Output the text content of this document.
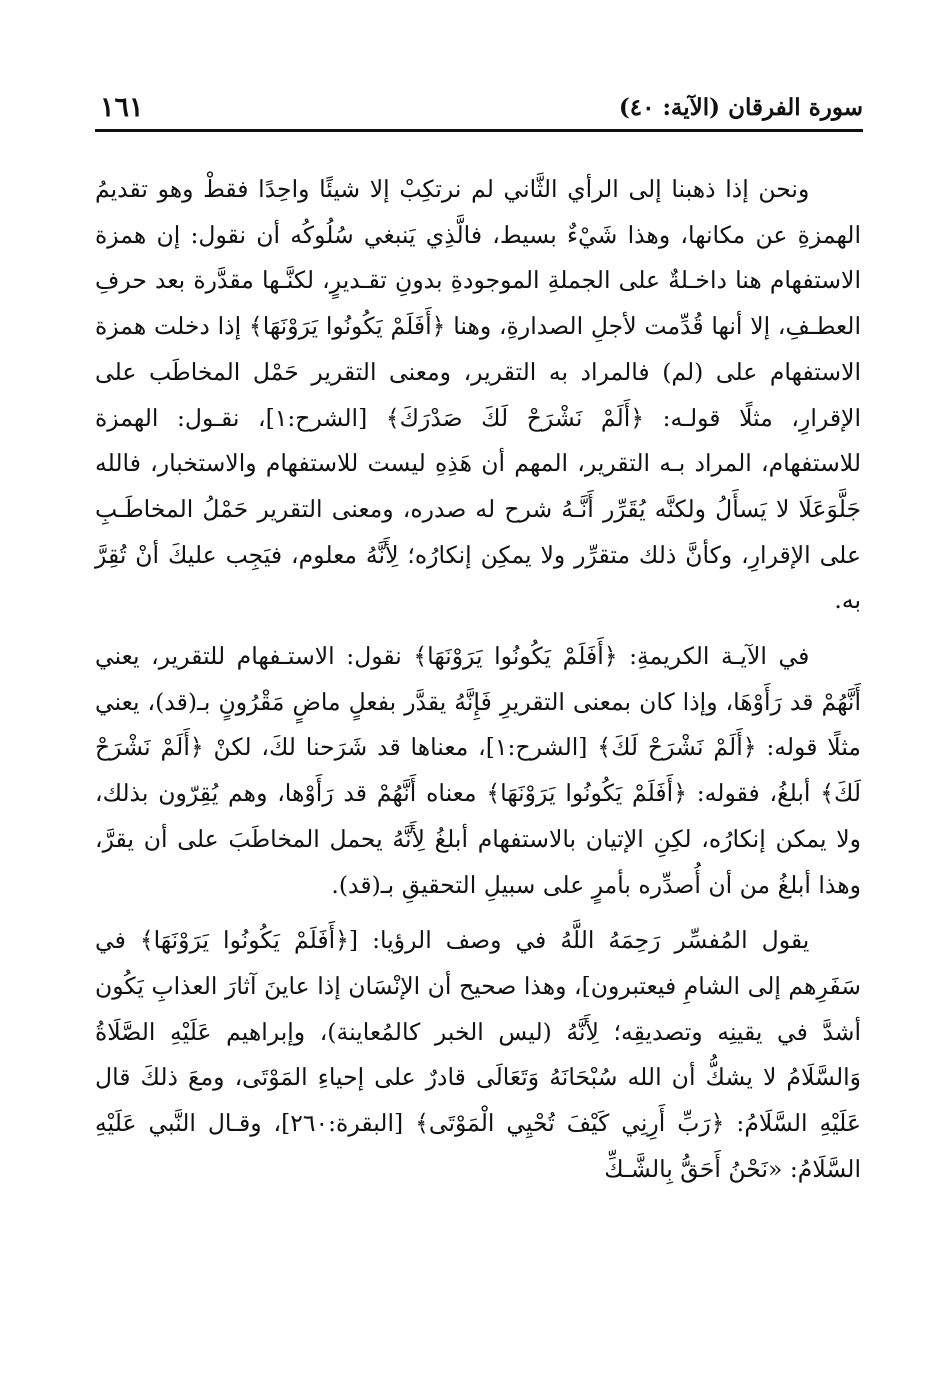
سورة الفرقان (الآية: ٤٠)
١٦١

ونحن إذا ذهبنا إلى الرأي الثَّاني لم نرتكِبْ إلا شيئًا واحِدًا فقطْ وهو تقديمُ الهمزةِ عن مكانها، وهذا شَيْءٌ بسيط، فالَّذِي يَنبغي سُلُوكُه أن نقول: إن همزة الاستفهام هنا داخـلةٌ على الجملةِ الموجودةِ بدونِ تقـديرٍ، لكنَّـها مقدَّرة بعد حرفِ العطـفِ، إلا أنها قُدِّمت لأجلِ الصدارةِ، وهنا ﴿أَفَلَمْ يَكُونُوا يَرَوْنَهَا﴾ إذا دخلت همزة الاستفهام على (لم) فالمراد به التقرير، ومعنى التقرير حَمْل المخاطَب على الإقرارِ، مثلًا قولـه: ﴿أَلَمْ نَشْرَحْ لَكَ صَدْرَكَ﴾ [الشرح:١]، نقـول: الهمزة للاستفهام، المراد بـه التقرير، المهم أن هَذِهِ ليست للاستفهام والاستخبار، فالله جَلَّوَعَلَا لا يَسأَلُ ولكنَّه يُقَرِّر أَنَّـهُ شرح له صدره، ومعنى التقرير حَمْلُ المخاطَـبِ على الإقرارِ، وكأنَّ ذلك متقرِّر ولا يمكِن إنكارُه؛ لِأَنَّهُ معلوم، فيَجِب عليكَ أنْ تُقِرَّ به.

في الآيـة الكريمةِ: ﴿أَفَلَمْ يَكُونُوا يَرَوْنَهَا﴾ نقول: الاستـفهام للتقرير، يعني أَنَّهُمْ قد رَأَوْهَا، وإذا كان بمعنى التقريرِ فَإِنَّهُ يقدَّر بفعلٍ ماضٍ مَقْرُونٍ بـ(قد)، يعني مثلًا قوله: ﴿أَلَمْ نَشْرَحْ لَكَ﴾ [الشرح:١]، معناها قد شَرَحنا لكَ، لكنْ ﴿أَلَمْ نَشْرَحْ لَكَ﴾ أبلغُ، فقوله: ﴿أَفَلَمْ يَكُونُوا يَرَوْنَهَا﴾ معناه أَنَّهُمْ قد رَأَوْها، وهم يُقِرّون بذلك، ولا يمكن إنكارُه، لكِنِ الإتيان بالاستفهام أبلغُ لِأَنَّهُ يحمل المخاطَبَ على أن يقرَّ، وهذا أبلغُ من أن أُصدِّره بأمرٍ على سبيلِ التحقيقِ بـ(قد).

يقول المُفسِّر رَحِمَهُ اللَّهُ في وصف الرؤيا: [﴿أَفَلَمْ يَكُونُوا يَرَوْنَهَا﴾ في سَفَرِهم إلى الشامِ فيعتبرون]، وهذا صحيح أن الإنْسَان إذا عاينَ آثارَ العذابِ يَكُون أشدَّ في يقينِه وتصديقِه؛ لِأَنَّهُ (ليس الخبر كالمُعاينة)، وإبراهيم عَلَيْهِ الصَّلَاةُ وَالسَّلَامُ لا يشكُّ أن الله سُبْحَانَهُ وَتَعَالَى قادرٌ على إحياءِ المَوْتَى، ومعَ ذلكَ قال عَلَيْهِ السَّلَامُ: ﴿رَبِّ أَرِنِي كَيْفَ تُحْيِي الْمَوْتَى﴾ [البقرة:٢٦٠]، وقـال النَّبي عَلَيْهِ السَّلَامُ: «نَحْنُ أَحَقُّ بِالشَّـكِّ
